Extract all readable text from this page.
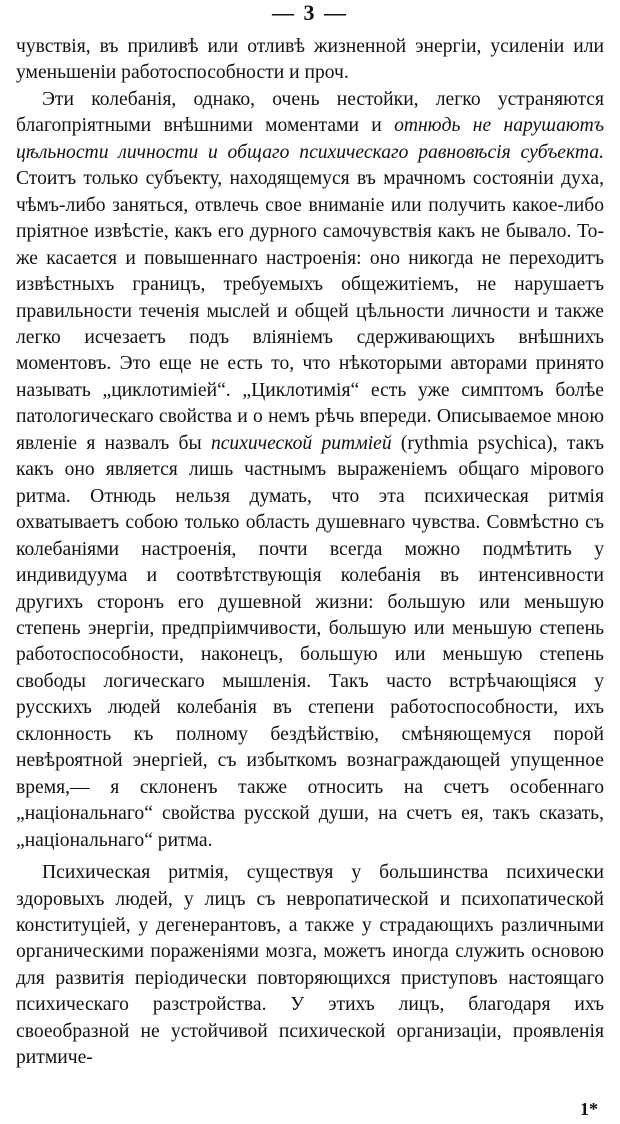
— 3 —

чувствія, въ приливѣ или отливѣ жизненной энергіи, усиленіи или уменьшеніи работоспособности и проч.

Эти колебанія, однако, очень нестойки, легко устраняются благопріятными внѣшними моментами и отнюдь не нарушаютъ цѣльности личности и общаго психическаго равновѣсія субъекта. Стоитъ только субъекту, находящемуся въ мрачномъ состояніи духа, чѣмъ-либо заняться, отвлечь свое вниманіе или получить какое-либо пріятное извѣстіе, какъ его дурного самочувствія какъ не бывало. То-же касается и повышеннаго настроенія: оно никогда не переходитъ извѣстныхъ границъ, требуемыхъ общежитіемъ, не нарушаетъ правильности теченія мыслей и общей цѣльности личности и также легко исчезаетъ подъ вліяніемъ сдерживающихъ внѣшнихъ моментовъ. Это еще не есть то, что нѣкоторыми авторами принято называть „циклотиміей“. „Циклотимія“ есть уже симптомъ болѣе патологическаго свойства и о немъ рѣчь впереди. Описываемое мною явленіе я назвалъ бы психической ритміей (rythmia psychica), такъ какъ оно является лишь частнымъ выраженіемъ общаго мірового ритма. Отнюдь нельзя думать, что эта психическая ритмія охватываетъ собою только область душевнаго чувства. Совмѣстно съ колебаніями настроенія, почти всегда можно подмѣтить у индивидуума и соотвѣтствующія колебанія въ интенсивности другихъ сторонъ его душевной жизни: большую или меньшую степень энергіи, предпріимчивости, большую или меньшую степень работоспособности, наконецъ, большую или меньшую степень свободы логическаго мышленія. Такъ часто встрѣчающіяся у русскихъ людей колебанія въ степени работоспособности, ихъ склонность къ полному бездѣйствію, смѣняющемуся порой невѣроятной энергіей, съ избыткомъ вознаграждающей упущенное время,— я склоненъ также относить на счетъ особеннаго „національнаго“ свойства русской души, на счетъ ея, такъ сказать, „національнаго“ ритма.

Психическая ритмія, существуя у большинства психически здоровыхъ людей, у лицъ съ невропатической и психопатической конституціей, у дегенерантовъ, а также у страдающихъ различными органическими пораженіями мозга, можетъ иногда служить основою для развитія періодически повторяющихся приступовъ настоящаго психическаго разстройства. У этихъ лицъ, благодаря ихъ своеобразной не устойчивой психической организаціи, проявленія ритмиче-

1*
